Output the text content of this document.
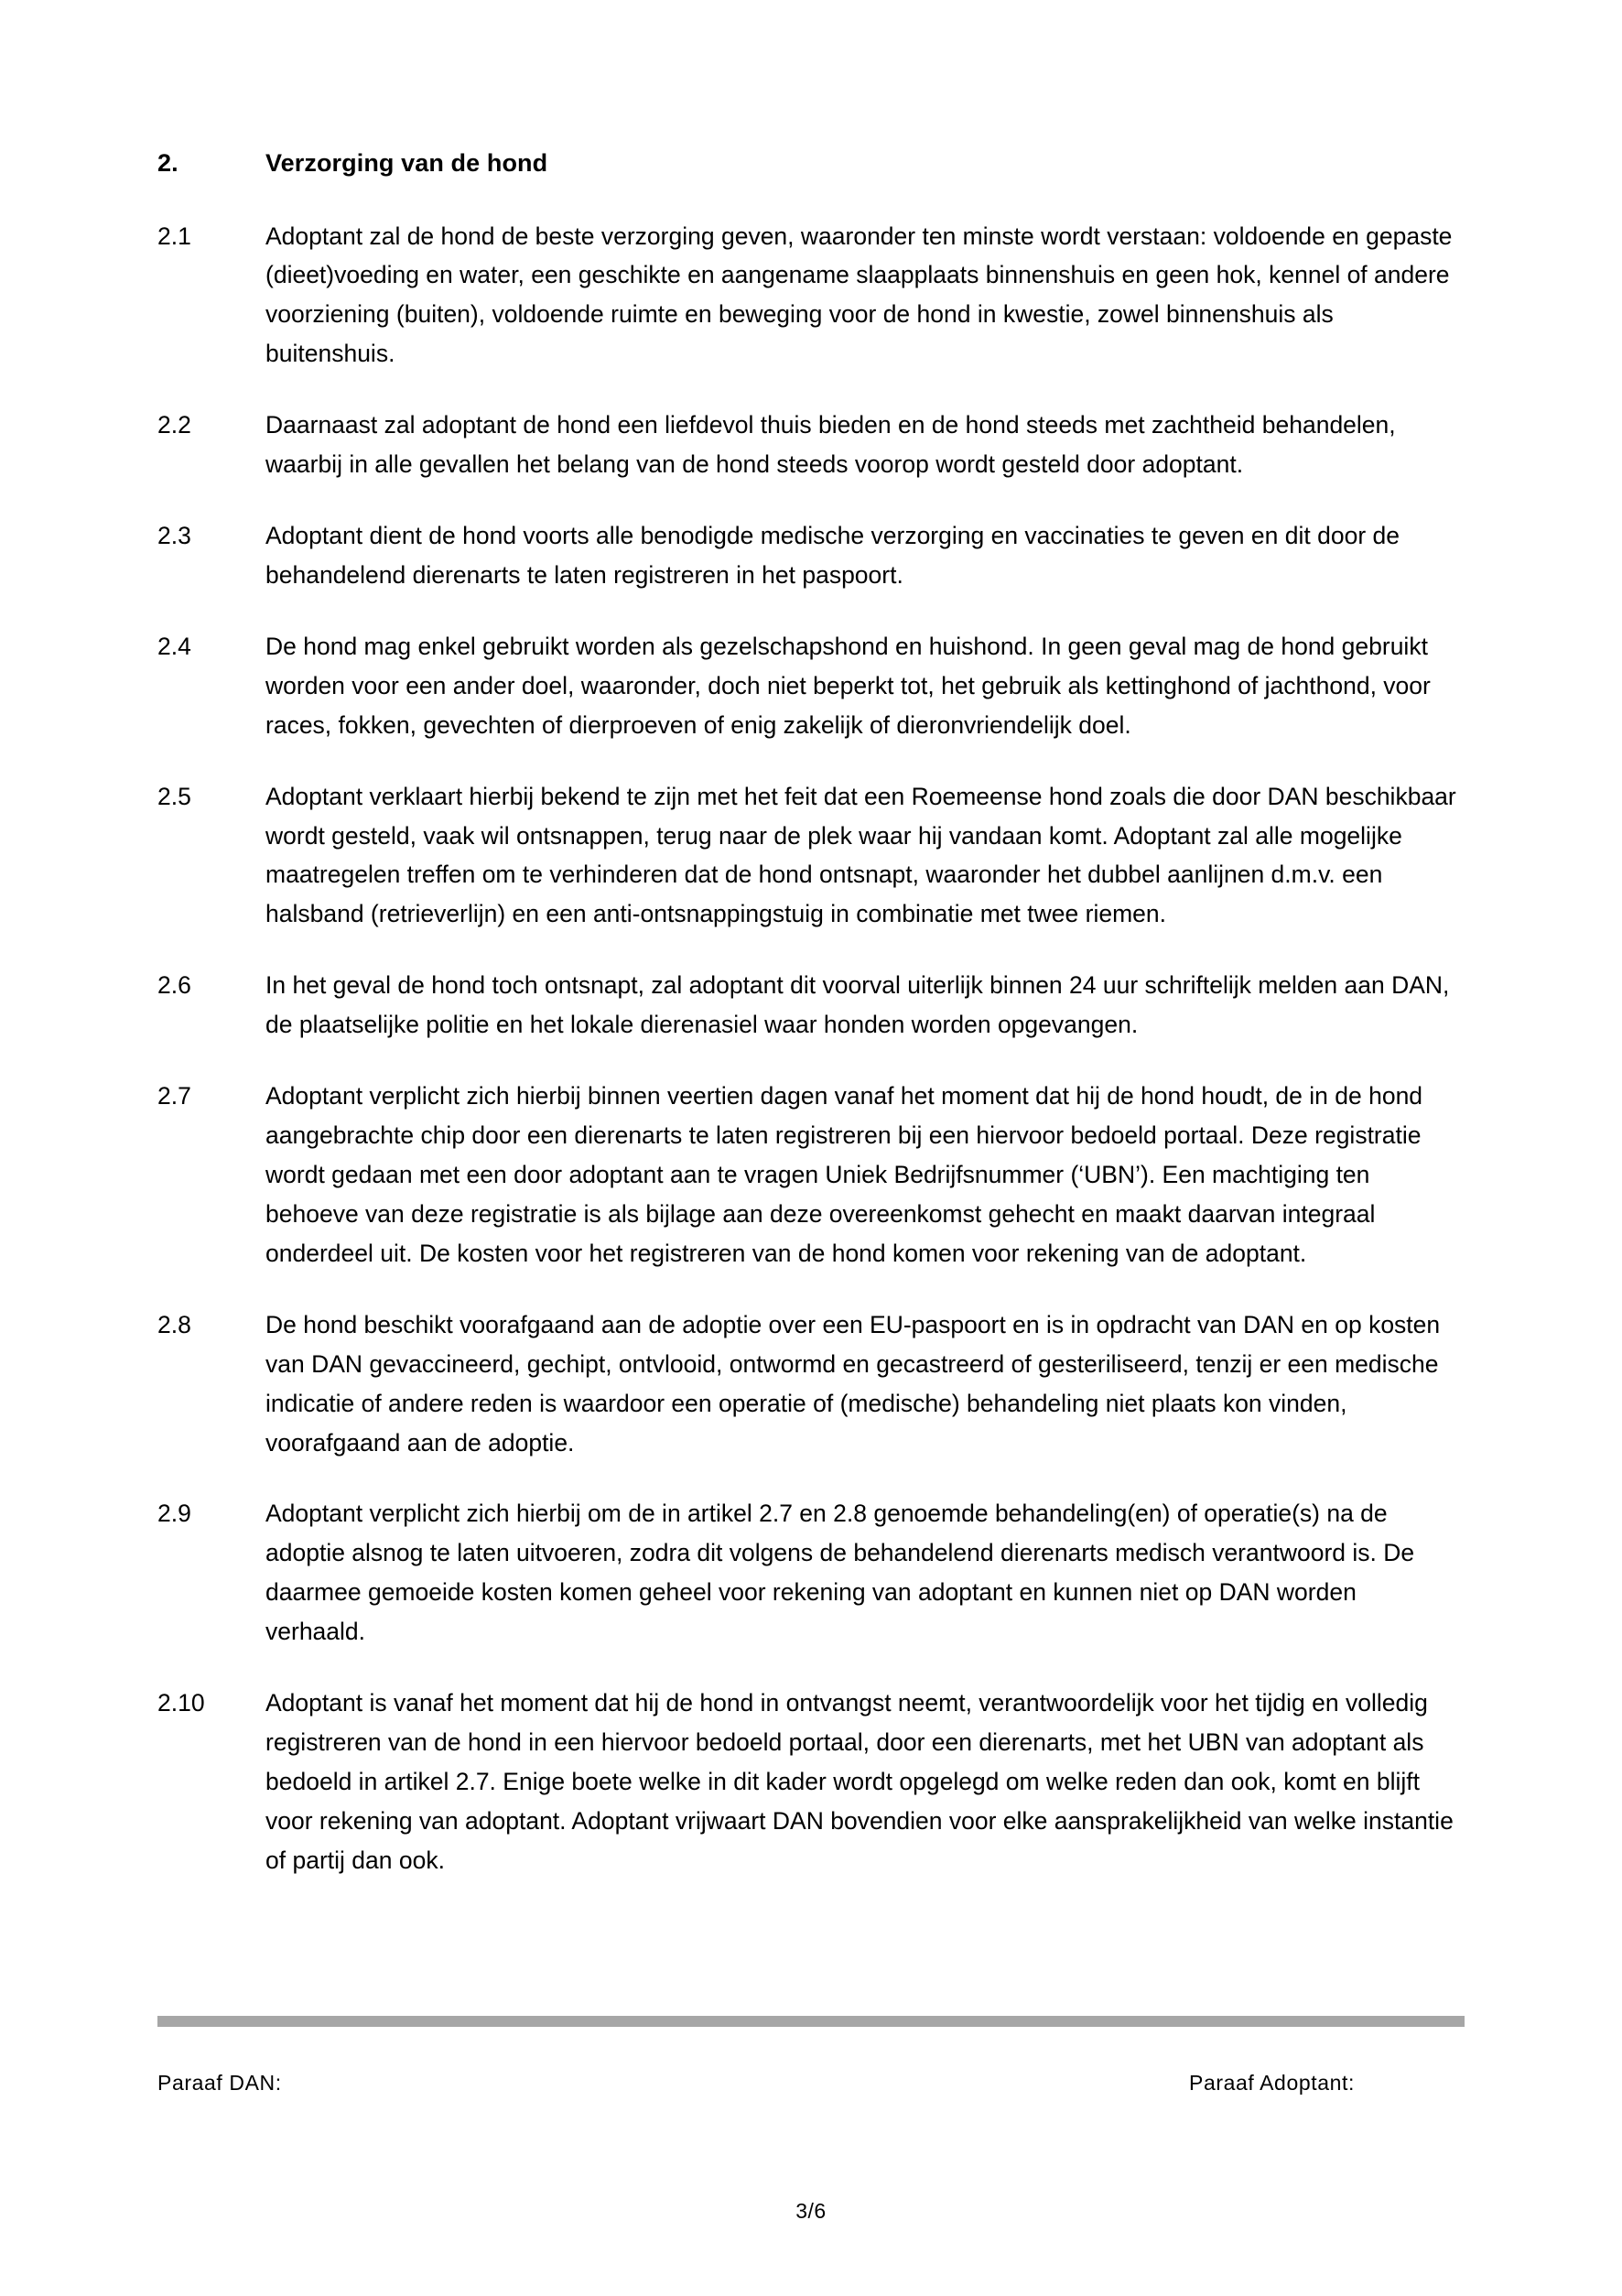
2.	Verzorging van de hond
2.1	Adoptant zal de hond de beste verzorging geven, waaronder ten minste wordt verstaan: voldoende en gepaste (dieet)voeding en water, een geschikte en aangename slaapplaats binnenshuis en geen hok, kennel of andere voorziening (buiten), voldoende ruimte en beweging voor de hond in kwestie, zowel binnenshuis als buitenshuis.
2.2	Daarnaast zal adoptant de hond een liefdevol thuis bieden en de hond steeds met zachtheid behandelen, waarbij in alle gevallen het belang van de hond steeds voorop wordt gesteld door adoptant.
2.3	Adoptant dient de hond voorts alle benodigde medische verzorging en vaccinaties te geven en dit door de behandelend dierenarts te laten registreren in het paspoort.
2.4	De hond mag enkel gebruikt worden als gezelschapshond en huishond. In geen geval mag de hond gebruikt worden voor een ander doel, waaronder, doch niet beperkt tot, het gebruik als kettinghond of jachthond, voor races, fokken, gevechten of dierproeven of enig zakelijk of dieronvriendelijk doel.
2.5	Adoptant verklaart hierbij bekend te zijn met het feit dat een Roemeense hond zoals die door DAN beschikbaar wordt gesteld, vaak wil ontsnappen, terug naar de plek waar hij vandaan komt. Adoptant zal alle mogelijke maatregelen treffen om te verhinderen dat de hond ontsnapt, waaronder het dubbel aanlijnen d.m.v. een halsband (retrieverlijn) en een anti-ontsnappingstuig in combinatie met twee riemen.
2.6	In het geval de hond toch ontsnapt, zal adoptant dit voorval uiterlijk binnen 24 uur schriftelijk melden aan DAN, de plaatselijke politie en het lokale dierenasiel waar honden worden opgevangen.
2.7	Adoptant verplicht zich hierbij binnen veertien dagen vanaf het moment dat hij de hond houdt, de in de hond aangebrachte chip door een dierenarts te laten registreren bij een hiervoor bedoeld portaal. Deze registratie wordt gedaan met een door adoptant aan te vragen Uniek Bedrijfsnummer (‘UBN’). Een machtiging ten behoeve van deze registratie is als bijlage aan deze overeenkomst gehecht en maakt daarvan integraal onderdeel uit. De kosten voor het registreren van de hond komen voor rekening van de adoptant.
2.8	De hond beschikt voorafgaand aan de adoptie over een EU-paspoort en is in opdracht van DAN en op kosten van DAN gevaccineerd, gechipt, ontvlooid, ontwormd en gecastreerd of gesteriliseerd, tenzij er een medische indicatie of andere reden is waardoor een operatie of (medische) behandeling niet plaats kon vinden, voorafgaand aan de adoptie.
2.9	Adoptant verplicht zich hierbij om de in artikel 2.7 en 2.8 genoemde behandeling(en) of operatie(s) na de adoptie alsnog te laten uitvoeren, zodra dit volgens de behandelend dierenarts medisch verantwoord is. De daarmee gemoeide kosten komen geheel voor rekening van adoptant en kunnen niet op DAN worden verhaald.
2.10	Adoptant is vanaf het moment dat hij de hond in ontvangst neemt, verantwoordelijk voor het tijdig en volledig registreren van de hond in een hiervoor bedoeld portaal, door een dierenarts, met het UBN van adoptant als bedoeld in artikel 2.7. Enige boete welke in dit kader wordt opgelegd om welke reden dan ook, komt en blijft voor rekening van adoptant. Adoptant vrijwaart DAN bovendien voor elke aansprakelijkheid van welke instantie of partij dan ook.
Paraaf DAN:	Paraaf Adoptant:
3/6
